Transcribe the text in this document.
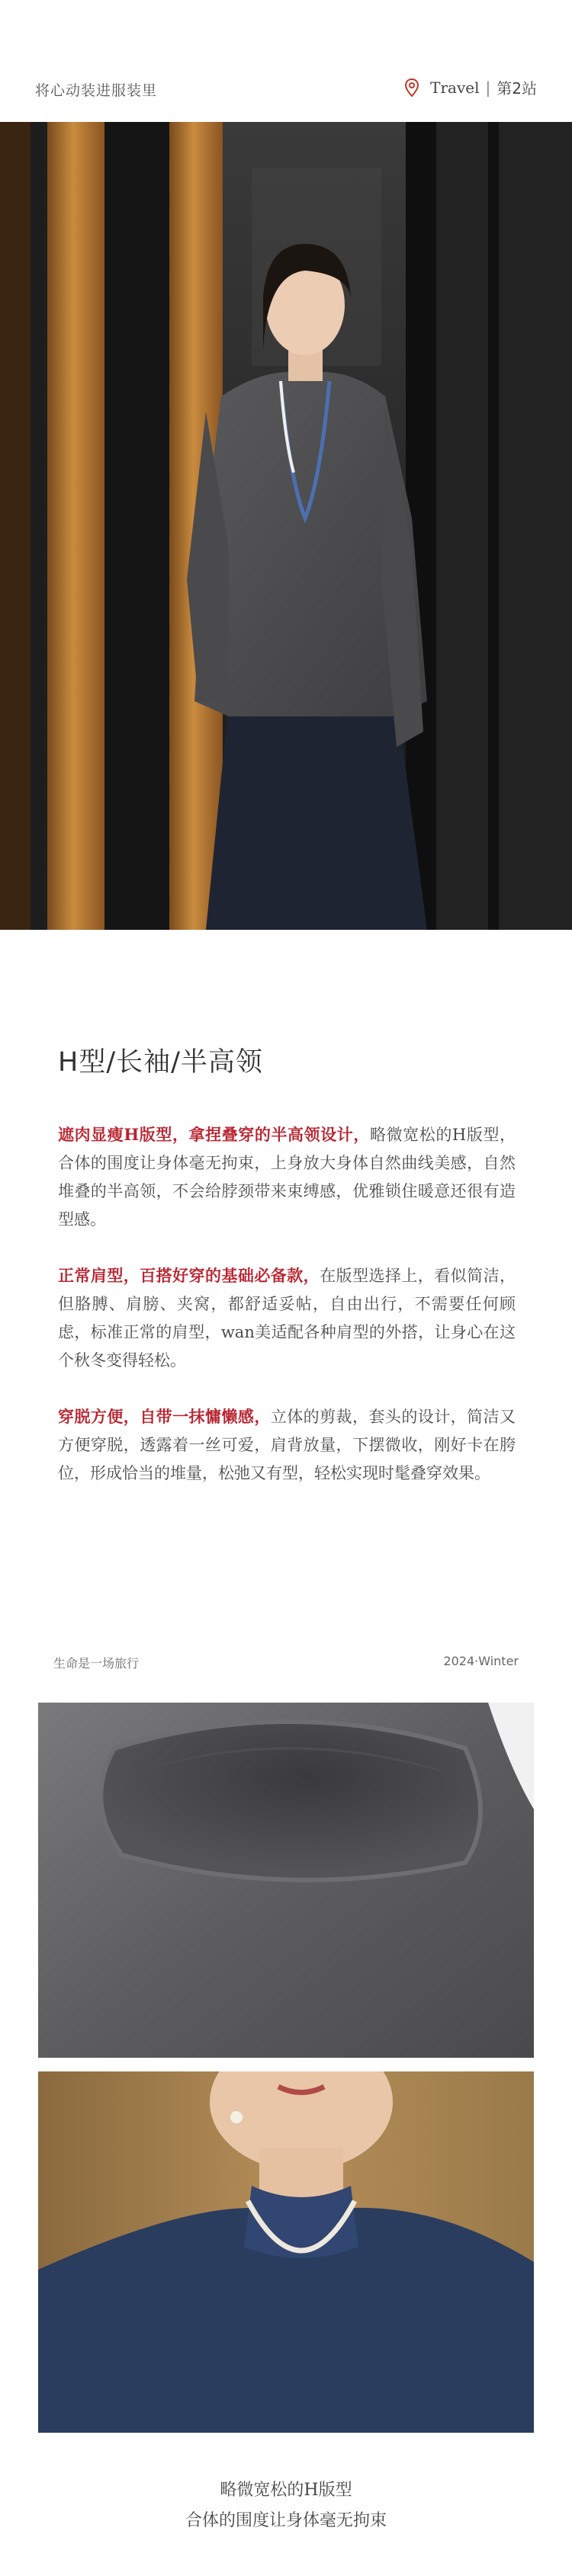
将心动装进服装里	Travel | 第2站
H型/长袖/半高领
遮肉显瘦H版型，拿捏叠穿的半高领设计，略微宽松的H版型，合体的围度让身体毫无拘束，上身放大身体自然曲线美感，自然堆叠的半高领，不会给脖颈带来束缚感，优雅锁住暖意还很有造型感。
正常肩型，百搭好穿的基础必备款，在版型选择上，看似简洁，但胳膊、肩膀、夹窝，都舒适妥帖，自由出行，不需要任何顾虑，标准正常的肩型，wan美适配各种肩型的外搭，让身心在这个秋冬变得轻松。
穿脱方便，自带一抹慵懒感，立体的剪裁，套头的设计，简洁又方便穿脱，透露着一丝可爱，肩背放量，下摆微收，刚好卡在胯位，形成恰当的堆量，松弛又有型，轻松实现时髦叠穿效果。
生命是一场旅行	2024·Winter
略微宽松的H版型
合体的围度让身体毫无拘束
